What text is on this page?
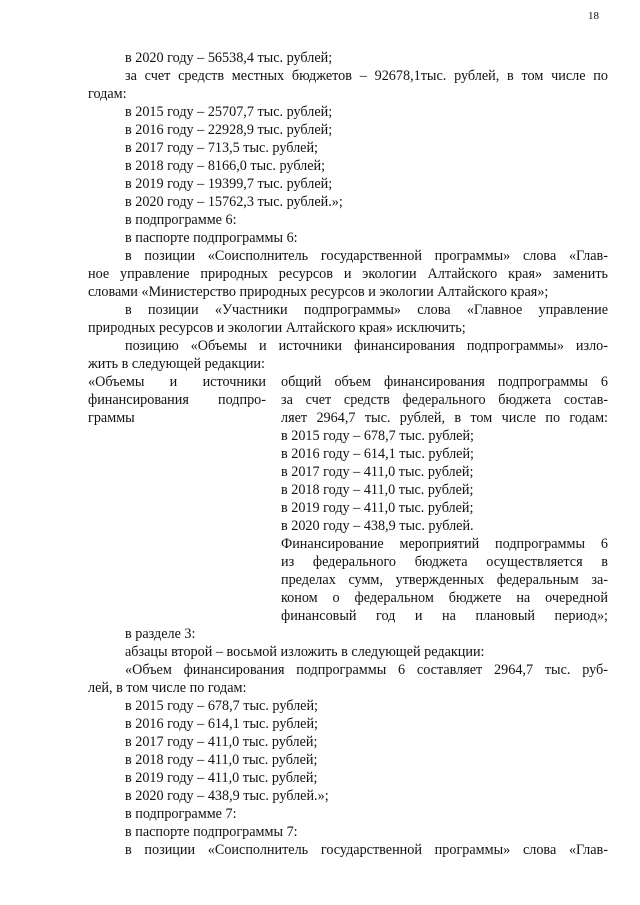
18
в 2020 году – 56538,4 тыс. рублей;
за счет средств местных бюджетов – 92678,1тыс. рублей, в том числе по
годам:
в 2015 году – 25707,7 тыс. рублей;
в 2016 году – 22928,9 тыс. рублей;
в 2017 году – 713,5 тыс. рублей;
в 2018 году – 8166,0 тыс. рублей;
в 2019 году – 19399,7 тыс. рублей;
в 2020 году – 15762,3 тыс. рублей.»;
в подпрограмме 6:
в паспорте подпрограммы 6:
в позиции «Соисполнитель государственной программы» слова «Глав-
ное управление природных ресурсов и экологии Алтайского края» заменить
словами «Министерство природных ресурсов и экологии Алтайского края»;
в позиции «Участники подпрограммы» слова «Главное управление
природных ресурсов и экологии Алтайского края» исключить;
позицию «Объемы и источники финансирования подпрограммы» изло-
жить в следующей редакции:
«Объемы и источники
финансирования подпро-
граммы
общий объем финансирования подпрограммы 6
за счет средств федерального бюджета состав-
ляет 2964,7 тыс. рублей, в том числе по годам:
в 2015 году – 678,7 тыс. рублей;
в 2016 году – 614,1 тыс. рублей;
в 2017 году – 411,0 тыс. рублей;
в 2018 году – 411,0 тыс. рублей;
в 2019 году – 411,0 тыс. рублей;
в 2020 году – 438,9 тыс. рублей.
Финансирование мероприятий подпрограммы 6
из федерального бюджета осуществляется в
пределах сумм, утвержденных федеральным за-
коном о федеральном бюджете на очередной
финансовый год и на плановый период»;
в разделе 3:
абзацы второй – восьмой изложить в следующей редакции:
«Объем финансирования подпрограммы 6 составляет 2964,7 тыс. руб-
лей, в том числе по годам:
в 2015 году – 678,7 тыс. рублей;
в 2016 году – 614,1 тыс. рублей;
в 2017 году – 411,0 тыс. рублей;
в 2018 году – 411,0 тыс. рублей;
в 2019 году – 411,0 тыс. рублей;
в 2020 году – 438,9 тыс. рублей.»;
в подпрограмме 7:
в паспорте подпрограммы 7:
в позиции «Соисполнитель государственной программы» слова «Глав-
